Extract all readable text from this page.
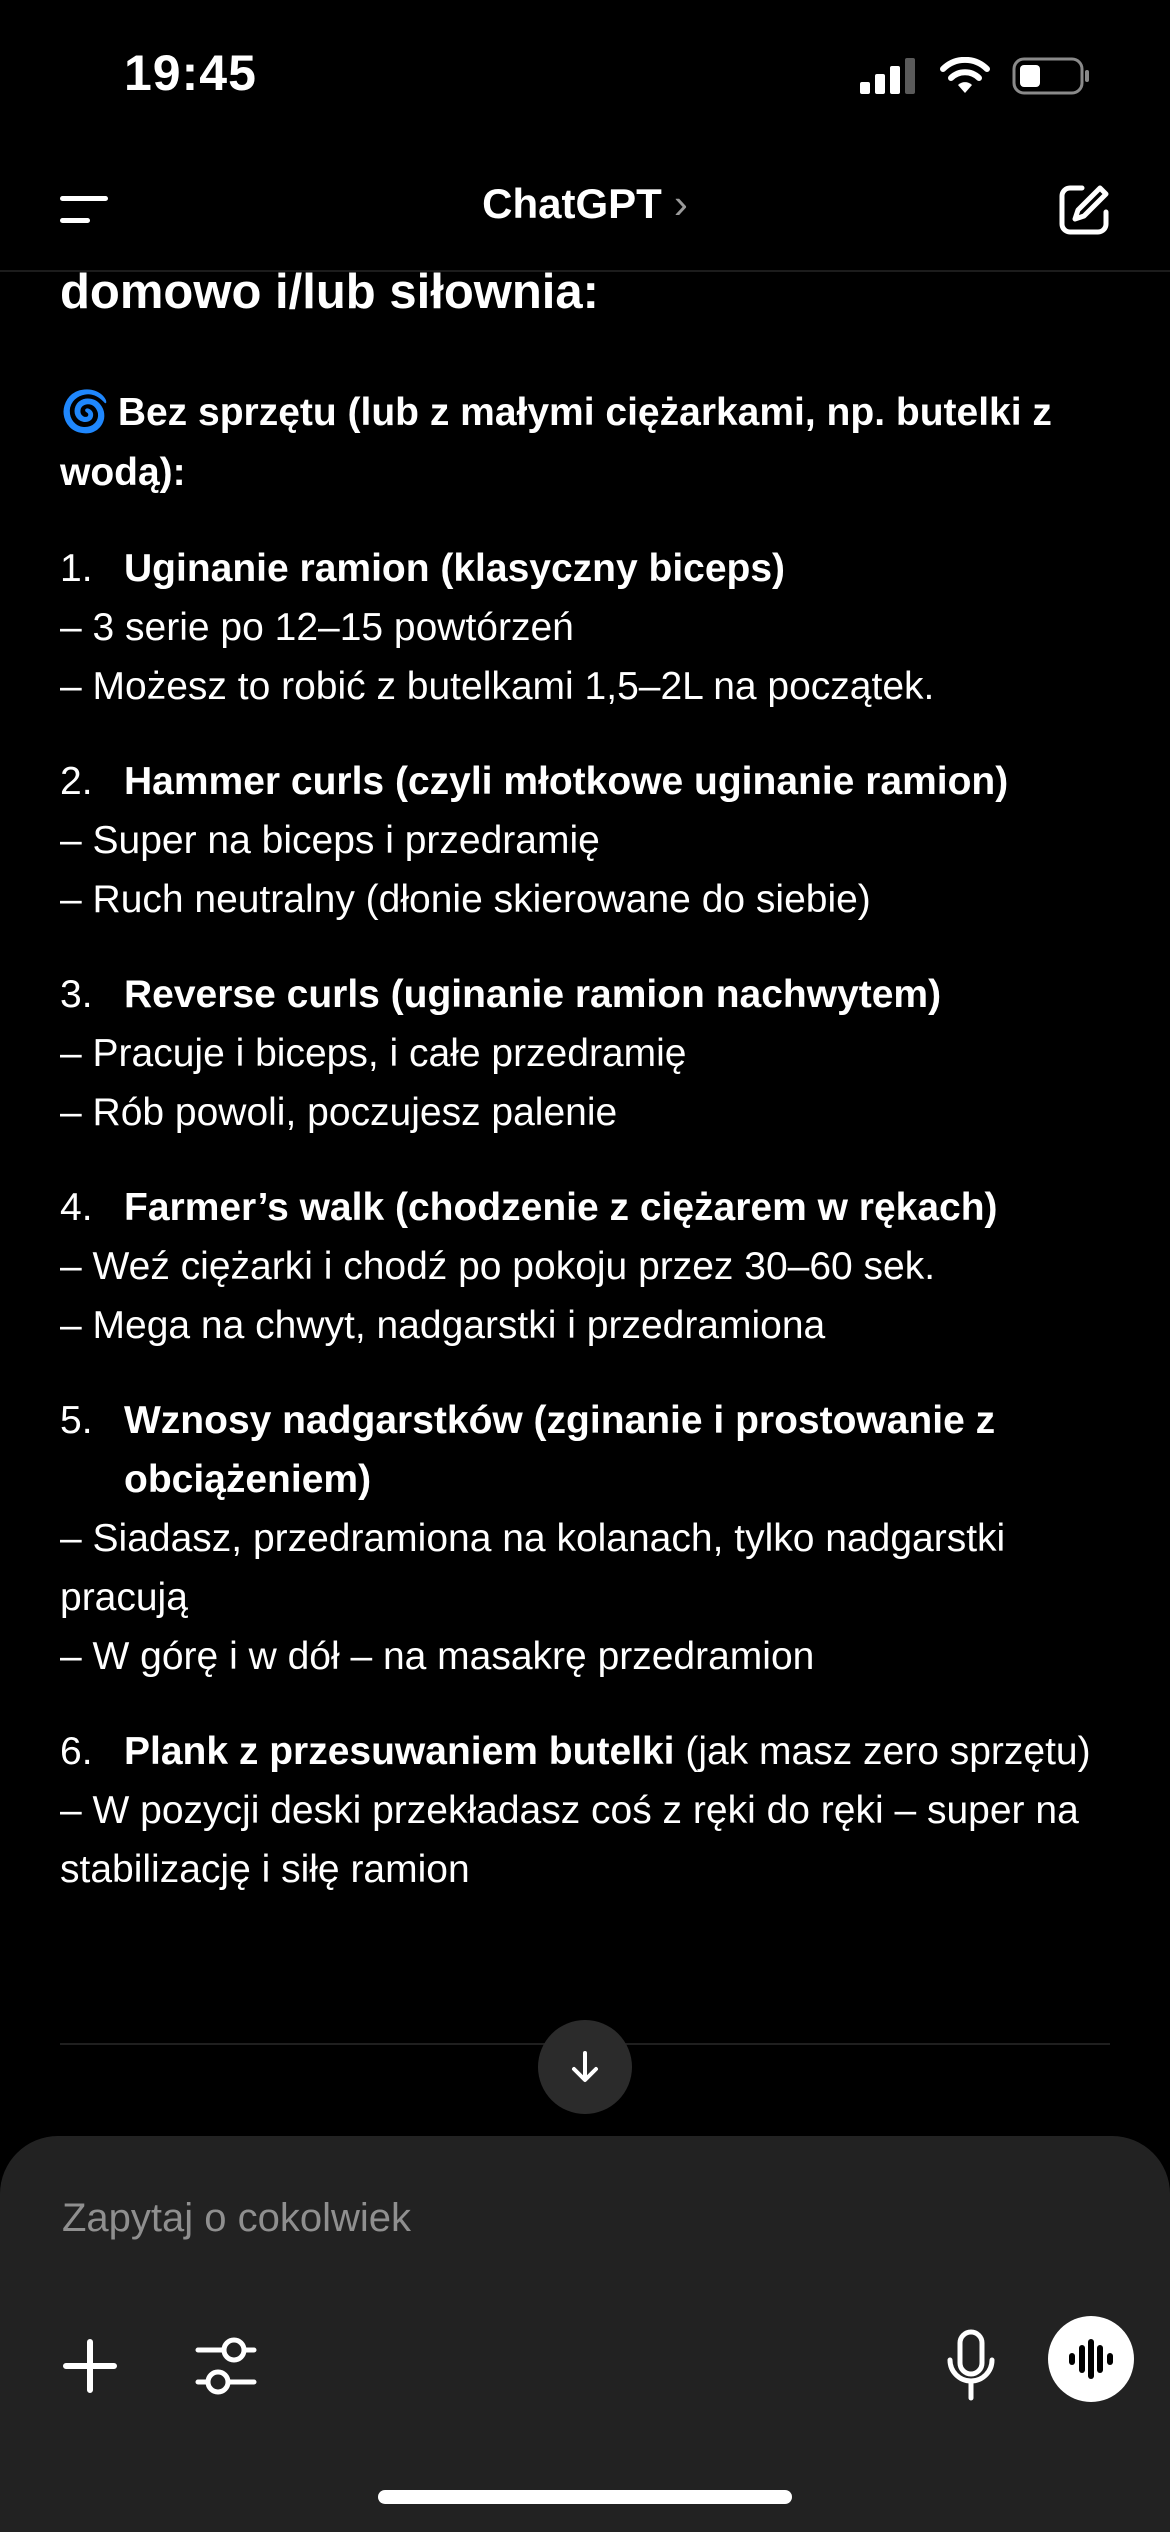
19:45
ChatGPT ›
domowo i/lub siłownia:
🌀 Bez sprzętu (lub z małymi ciężarkami, np. butelki z wodą):
1. Uginanie ramion (klasyczny biceps)
– 3 serie po 12–15 powtórzeń
– Możesz to robić z butelkami 1,5–2L na początek.
2. Hammer curls (czyli młotkowe uginanie ramion)
– Super na biceps i przedramię
– Ruch neutralny (dłonie skierowane do siebie)
3. Reverse curls (uginanie ramion nachwytem)
– Pracuje i biceps, i całe przedramię
– Rób powoli, poczujesz palenie
4. Farmer’s walk (chodzenie z ciężarem w rękach)
– Weź ciężarki i chodź po pokoju przez 30–60 sek.
– Mega na chwyt, nadgarstki i przedramiona
5. Wznosy nadgarstków (zginanie i prostowanie z obciążeniem)
– Siadasz, przedramiona na kolanach, tylko nadgarstki pracują
– W górę i w dół – na masakrę przedramion
6. Plank z przesuwaniem butelki (jak masz zero sprzętu)
– W pozycji deski przekładasz coś z ręki do ręki – super na stabilizację i siłę ramion
Zapytaj o cokolwiek
